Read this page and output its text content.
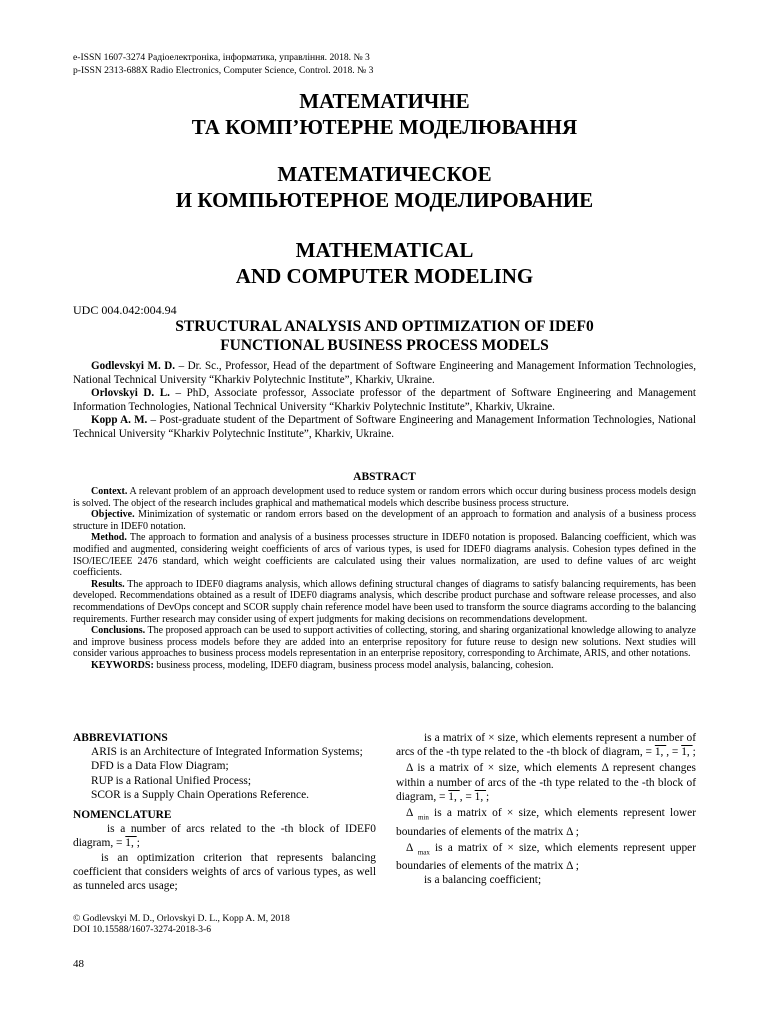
e-ISSN 1607-3274 Радіоелектроніка, інформатика, управління. 2018. № 3
p-ISSN 2313-688X Radio Electronics, Computer Science, Control. 2018. № 3
МАТЕМАТИЧНЕ
ТА КОМП’ЮТЕРНЕ МОДЕЛЮВАННЯ
МАТЕМАТИЧЕСКОЕ
И КОМПЬЮТЕРНОЕ МОДЕЛИРОВАНИЕ
MATHEMATICAL
AND COMPUTER MODELING
UDC 004.042:004.94
STRUCTURAL ANALYSIS AND OPTIMIZATION OF IDEF0
FUNCTIONAL BUSINESS PROCESS MODELS

Godlevskyi M. D. – Dr. Sc., Professor, Head of the department of Software Engineering and Management Information Technologies, National Technical University “Kharkiv Polytechnic Institute”, Kharkiv, Ukraine.

Orlovskyi D. L. – PhD, Associate professor, Associate professor of the department of Software Engineering and Management Information Technologies, National Technical University “Kharkiv Polytechnic Institute”, Kharkiv, Ukraine.

Kopp A. M. – Post-graduate student of the Department of Software Engineering and Management Information Technologies, National Technical University “Kharkiv Polytechnic Institute”, Kharkiv, Ukraine.

ABSTRACT

Context. A relevant problem of an approach development used to reduce system or random errors which occur during business process models design is solved. The object of the research includes graphical and mathematical models which describe business process structure.

Objective. Minimization of systematic or random errors based on the development of an approach to formation and analysis of a business process structure in IDEF0 notation.

Method. The approach to formation and analysis of a business processes structure in IDEF0 notation is proposed. Balancing coefficient, which was modified and augmented, considering weight coefficients of arcs of various types, is used for IDEF0 diagrams analysis. Cohesion types defined in the ISO/IEC/IEEE 2476 standard, which weight coefficients are calculated using their values normalization, are used to define values of arc weight coefficients.

Results. The approach to IDEF0 diagrams analysis, which allows defining structural changes of diagrams to satisfy balancing requirements, has been developed. Recommendations obtained as a result of IDEF0 diagrams analysis, which describe product purchase and software release processes, and also recommendations of DevOps concept and SCOR supply chain reference model have been used to transform the source diagrams according to the balancing requirements. Further research may consider using of expert judgments for making decisions on recommendations development.

Conclusions. The proposed approach can be used to support activities of collecting, storing, and sharing organizational knowledge allowing to analyze and improve business process models before they are added into an enterprise repository for future reuse to design new solutions. Next studies will consider various approaches to business process models representation in an enterprise repository, corresponding to Archimate, ARIS, and other notations.

KEYWORDS: business process, modeling, IDEF0 diagram, business process model analysis, balancing, cohesion.

ABBREVIATIONS

ARIS is an Architecture of Integrated Information Systems;

DFD is a Data Flow Diagram;

RUP is a Rational Unified Process;

SCOR is a Supply Chain Operations Reference.

NOMENCLATURE

is a number of arcs related to the -th block of IDEF0 diagram, = 1, ;

is an optimization criterion that represents balancing coefficient that considers weights of arcs of various types, as well as tunneled arcs usage;

is a matrix of × size, which elements represent a number of arcs of the -th type related to the -th block of diagram, = 1, , = 1, ;

Δ is a matrix of × size, which elements Δ represent changes within a number of arcs of the -th type related to the -th block of diagram, = 1, , = 1, ;

Δ $_{min}$ is a matrix of × size, which elements represent lower boundaries of elements of the matrix Δ ;

Δ $_{max}$ is a matrix of × size, which elements represent upper boundaries of elements of the matrix Δ ;

is a balancing coefficient;

© Godlevskyi M. D., Orlovskyi D. L., Kopp A. M, 2018
DOI 10.15588/1607-3274-2018-3-6
48
